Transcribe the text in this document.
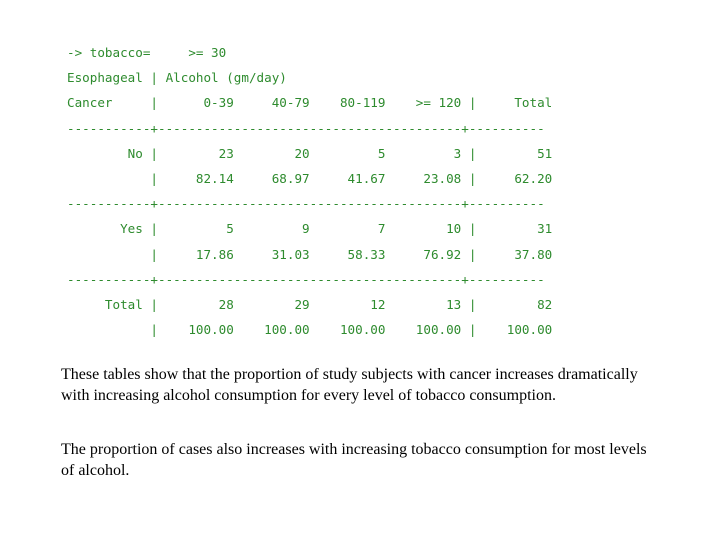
-> tobacco=     >= 30
Esophageal | Alcohol (gm/day)
Cancer     |      0-39     40-79    80-119    >= 120 |     Total
-----------+----------------------------------------+----------
No |        23        20         5         3 |        51
|     82.14     68.97     41.67     23.08 |     62.20
-----------+----------------------------------------+----------
Yes |         5         9         7        10 |        31
|     17.86     31.03     58.33     76.92 |     37.80
-----------+----------------------------------------+----------
Total |        28        29        12        13 |        82
|    100.00    100.00    100.00    100.00 |    100.00

These tables show that the proportion of study subjects with cancer increases dramatically with increasing alcohol consumption for every level of tobacco consumption.

The proportion of cases also increases with increasing tobacco consumption for most levels of alcohol.
